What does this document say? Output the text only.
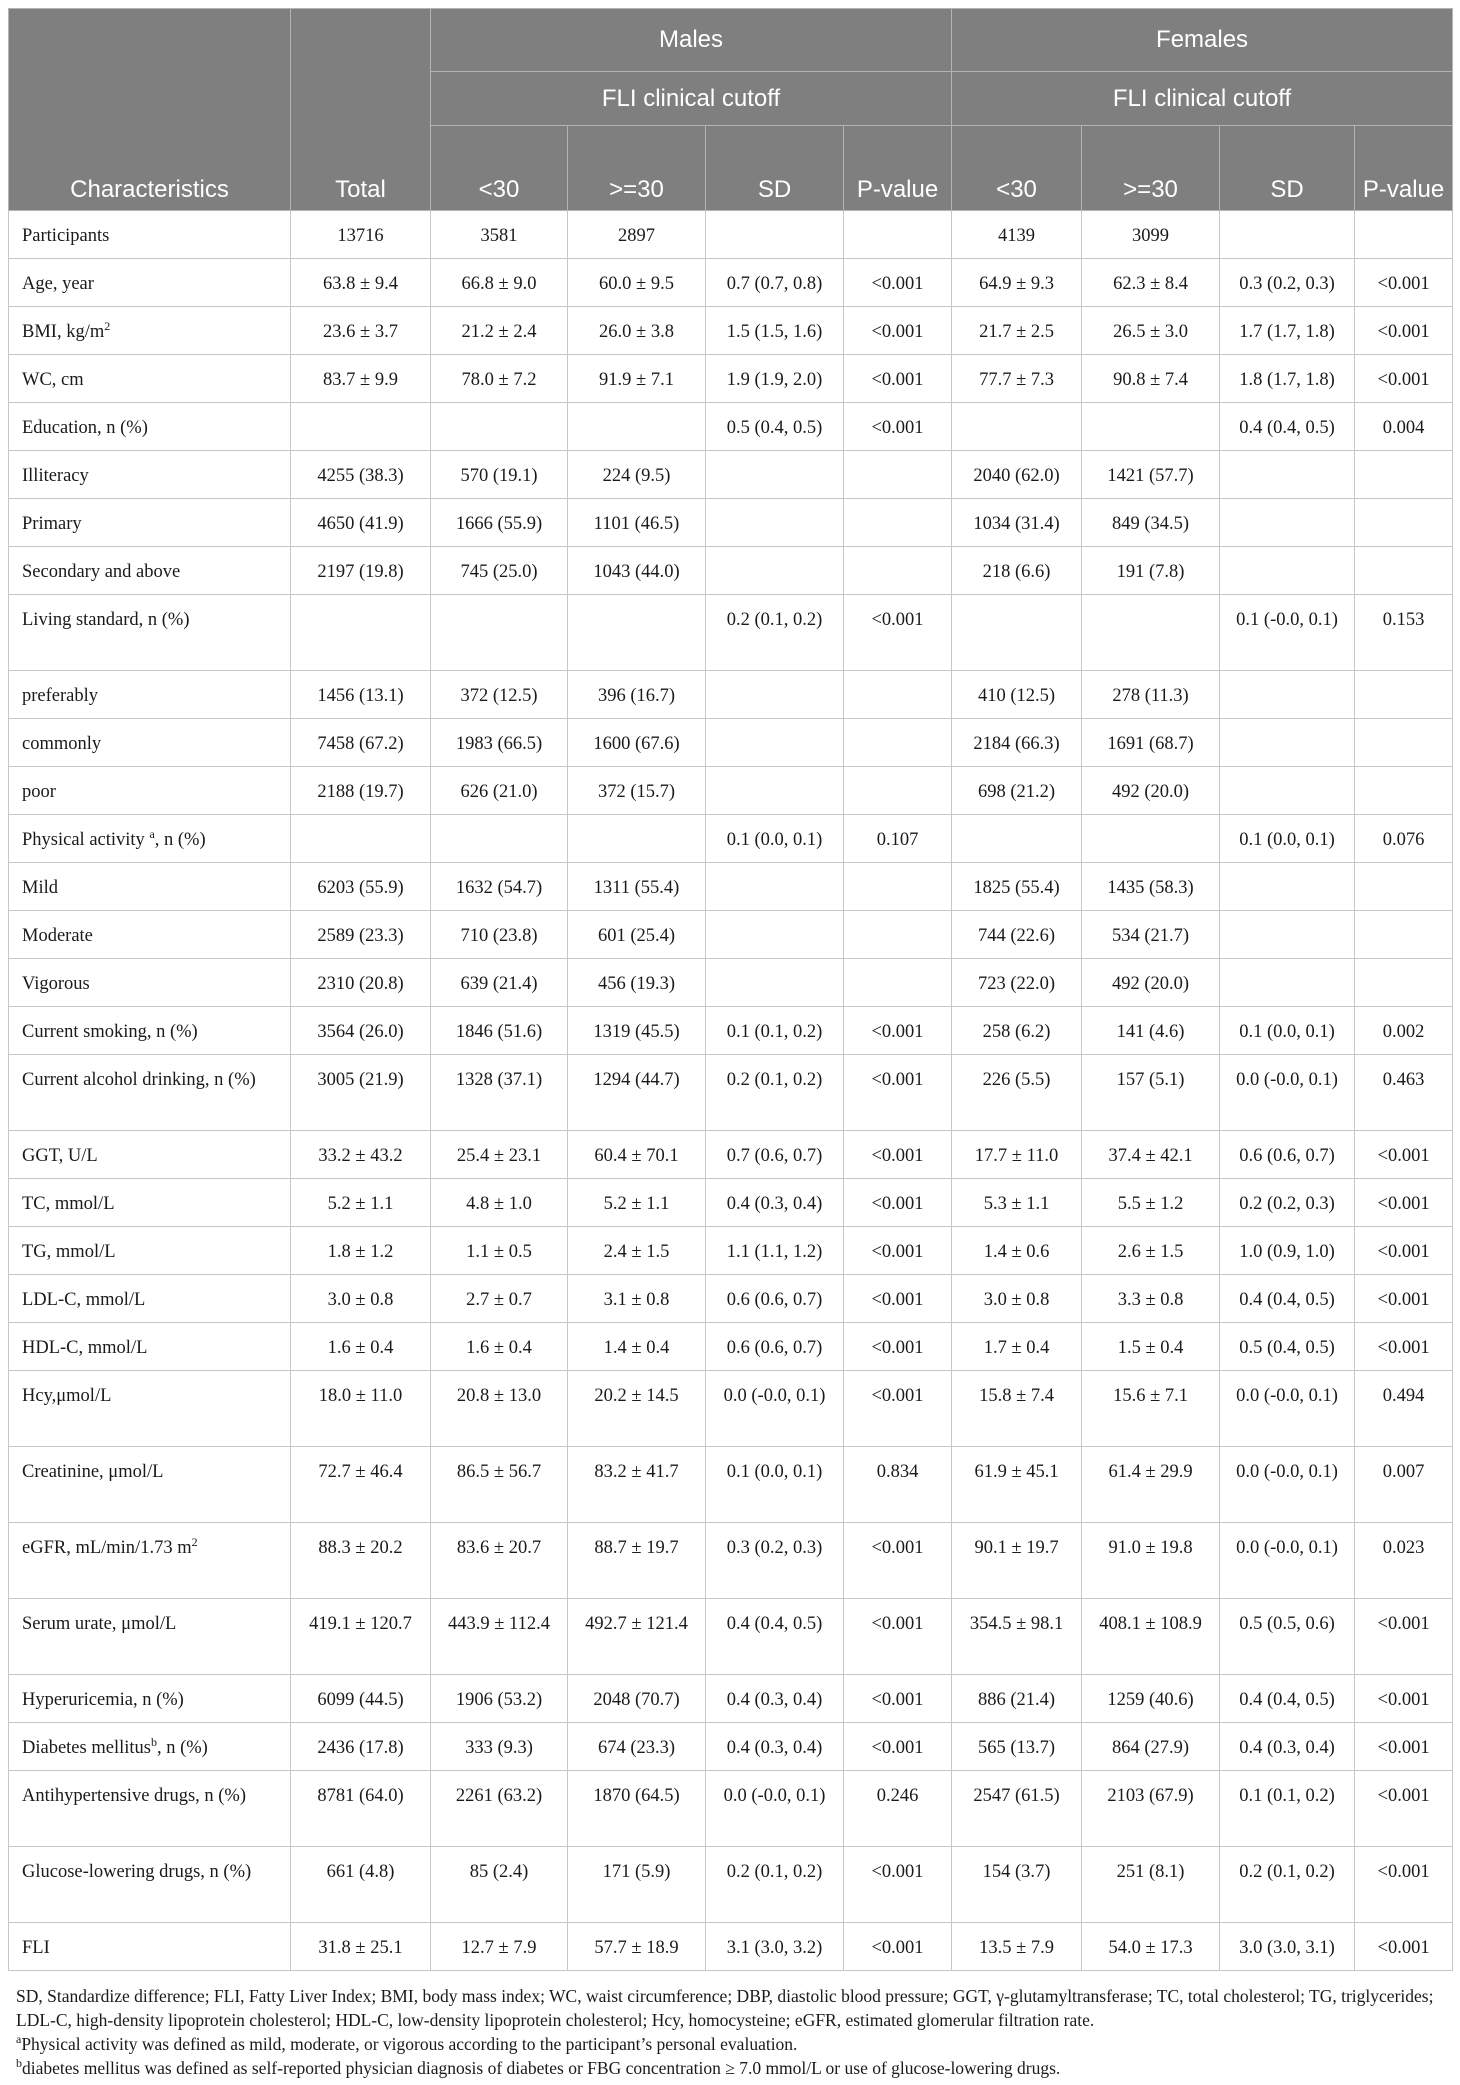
Characteristics	Total	Males				Females			
		FLI clinical cutoff				FLI clinical cutoff			
		<30	>=30	SD	P-value	<30	>=30	SD	P-value
Participants	13716	3581	2897			4139	3099		
Age, year	63.8 ± 9.4	66.8 ± 9.0	60.0 ± 9.5	0.7 (0.7, 0.8)	<0.001	64.9 ± 9.3	62.3 ± 8.4	0.3 (0.2, 0.3)	<0.001
BMI, $kg/m^2$	23.6 ± 3.7	21.2 ± 2.4	26.0 ± 3.8	1.5 (1.5, 1.6)	<0.001	21.7 ± 2.5	26.5 ± 3.0	1.7 (1.7, 1.8)	<0.001
WC, cm	83.7 ± 9.9	78.0 ± 7.2	91.9 ± 7.1	1.9 (1.9, 2.0)	<0.001	77.7 ± 7.3	90.8 ± 7.4	1.8 (1.7, 1.8)	<0.001
Education, n (%)				0.5 (0.4, 0.5)	<0.001			0.4 (0.4, 0.5)	0.004
Illiteracy	4255 (38.3)	570 (19.1)	224 (9.5)			2040 (62.0)	1421 (57.7)		
Primary	4650 (41.9)	1666 (55.9)	1101 (46.5)			1034 (31.4)	849 (34.5)		
Secondary and above	2197 (19.8)	745 (25.0)	1043 (44.0)			218 (6.6)	191 (7.8)		
Living standard, n (%)				0.2 (0.1, 0.2)	<0.001			0.1 (-0.0, 0.1)	0.153
preferably	1456 (13.1)	372 (12.5)	396 (16.7)			410 (12.5)	278 (11.3)		
commonly	7458 (67.2)	1983 (66.5)	1600 (67.6)			2184 (66.3)	1691 (68.7)		
poor	2188 (19.7)	626 (21.0)	372 (15.7)			698 (21.2)	492 (20.0)		
Physical activity $^a$, n (%)				0.1 (0.0, 0.1)	0.107			0.1 (0.0, 0.1)	0.076
Mild	6203 (55.9)	1632 (54.7)	1311 (55.4)			1825 (55.4)	1435 (58.3)		
Moderate	2589 (23.3)	710 (23.8)	601 (25.4)			744 (22.6)	534 (21.7)		
Vigorous	2310 (20.8)	639 (21.4)	456 (19.3)			723 (22.0)	492 (20.0)		
Current smoking, n (%)	3564 (26.0)	1846 (51.6)	1319 (45.5)	0.1 (0.1, 0.2)	<0.001	258 (6.2)	141 (4.6)	0.1 (0.0, 0.1)	0.002
Current alcohol drinking, n (%)	3005 (21.9)	1328 (37.1)	1294 (44.7)	0.2 (0.1, 0.2)	<0.001	226 (5.5)	157 (5.1)	0.0 (-0.0, 0.1)	0.463
GGT, U/L	33.2 ± 43.2	25.4 ± 23.1	60.4 ± 70.1	0.7 (0.6, 0.7)	<0.001	17.7 ± 11.0	37.4 ± 42.1	0.6 (0.6, 0.7)	<0.001
TC, mmol/L	5.2 ± 1.1	4.8 ± 1.0	5.2 ± 1.1	0.4 (0.3, 0.4)	<0.001	5.3 ± 1.1	5.5 ± 1.2	0.2 (0.2, 0.3)	<0.001
TG, mmol/L	1.8 ± 1.2	1.1 ± 0.5	2.4 ± 1.5	1.1 (1.1, 1.2)	<0.001	1.4 ± 0.6	2.6 ± 1.5	1.0 (0.9, 1.0)	<0.001
LDL-C, mmol/L	3.0 ± 0.8	2.7 ± 0.7	3.1 ± 0.8	0.6 (0.6, 0.7)	<0.001	3.0 ± 0.8	3.3 ± 0.8	0.4 (0.4, 0.5)	<0.001
HDL-C, mmol/L	1.6 ± 0.4	1.6 ± 0.4	1.4 ± 0.4	0.6 (0.6, 0.7)	<0.001	1.7 ± 0.4	1.5 ± 0.4	0.5 (0.4, 0.5)	<0.001
Hcy,μmol/L	18.0 ± 11.0	20.8 ± 13.0	20.2 ± 14.5	0.0 (-0.0, 0.1)	<0.001	15.8 ± 7.4	15.6 ± 7.1	0.0 (-0.0, 0.1)	0.494
Creatinine, μmol/L	72.7 ± 46.4	86.5 ± 56.7	83.2 ± 41.7	0.1 (0.0, 0.1)	0.834	61.9 ± 45.1	61.4 ± 29.9	0.0 (-0.0, 0.1)	0.007
eGFR, mL/min/1.73 $m^2$	88.3 ± 20.2	83.6 ± 20.7	88.7 ± 19.7	0.3 (0.2, 0.3)	<0.001	90.1 ± 19.7	91.0 ± 19.8	0.0 (-0.0, 0.1)	0.023
Serum urate, μmol/L	419.1 ± 120.7	443.9 ± 112.4	492.7 ± 121.4	0.4 (0.4, 0.5)	<0.001	354.5 ± 98.1	408.1 ± 108.9	0.5 (0.5, 0.6)	<0.001
Hyperuricemia, n (%)	6099 (44.5)	1906 (53.2)	2048 (70.7)	0.4 (0.3, 0.4)	<0.001	886 (21.4)	1259 (40.6)	0.4 (0.4, 0.5)	<0.001
Diabetes mellitus$^b$, n (%)	2436 (17.8)	333 (9.3)	674 (23.3)	0.4 (0.3, 0.4)	<0.001	565 (13.7)	864 (27.9)	0.4 (0.3, 0.4)	<0.001
Antihypertensive drugs, n (%)	8781 (64.0)	2261 (63.2)	1870 (64.5)	0.0 (-0.0, 0.1)	0.246	2547 (61.5)	2103 (67.9)	0.1 (0.1, 0.2)	<0.001
Glucose-lowering drugs, n (%)	661 (4.8)	85 (2.4)	171 (5.9)	0.2 (0.1, 0.2)	<0.001	154 (3.7)	251 (8.1)	0.2 (0.1, 0.2)	<0.001
FLI	31.8 ± 25.1	12.7 ± 7.9	57.7 ± 18.9	3.1 (3.0, 3.2)	<0.001	13.5 ± 7.9	54.0 ± 17.3	3.0 (3.0, 3.1)	<0.001

SD, Standardize difference; FLI, Fatty Liver Index; BMI, body mass index; WC, waist circumference; DBP, diastolic blood pressure; GGT, γ-glutamyltransferase; TC, total cholesterol; TG, triglycerides; LDL-C, high-density lipoprotein cholesterol; HDL-C, low-density lipoprotein cholesterol; Hcy, homocysteine; eGFR, estimated glomerular filtration rate.

$^a$Physical activity was defined as mild, moderate, or vigorous according to the participant’s personal evaluation.

$^b$diabetes mellitus was defined as self-reported physician diagnosis of diabetes or FBG concentration ≥ 7.0 mmol/L or use of glucose-lowering drugs.
